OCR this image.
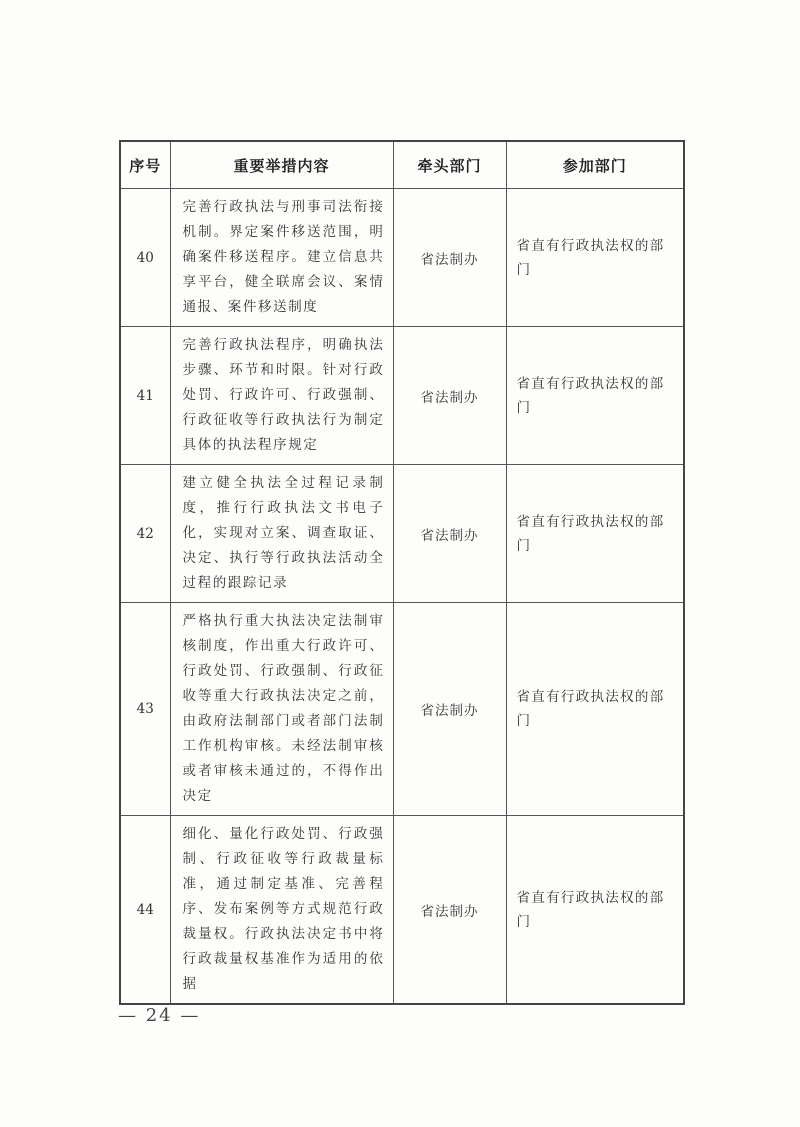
序号	重要举措内容	牵头部门	参加部门
40	完善行政执法与刑事司法衔接机制。界定案件移送范围，明确案件移送程序。建立信息共享平台，健全联席会议、案情通报、案件移送制度	省法制办	省直有行政执法权的部门
41	完善行政执法程序，明确执法步骤、环节和时限。针对行政处罚、行政许可、行政强制、行政征收等行政执法行为制定具体的执法程序规定	省法制办	省直有行政执法权的部门
42	建立健全执法全过程记录制度，推行行政执法文书电子化，实现对立案、调查取证、决定、执行等行政执法活动全过程的跟踪记录	省法制办	省直有行政执法权的部门
43	严格执行重大执法决定法制审核制度，作出重大行政许可、行政处罚、行政强制、行政征收等重大行政执法决定之前，由政府法制部门或者部门法制工作机构审核。未经法制审核或者审核未通过的，不得作出决定	省法制办	省直有行政执法权的部门
44	细化、量化行政处罚、行政强制、行政征收等行政裁量标准，通过制定基准、完善程序、发布案例等方式规范行政裁量权。行政执法决定书中将行政裁量权基准作为适用的依据	省法制办	省直有行政执法权的部门
— 24 —
